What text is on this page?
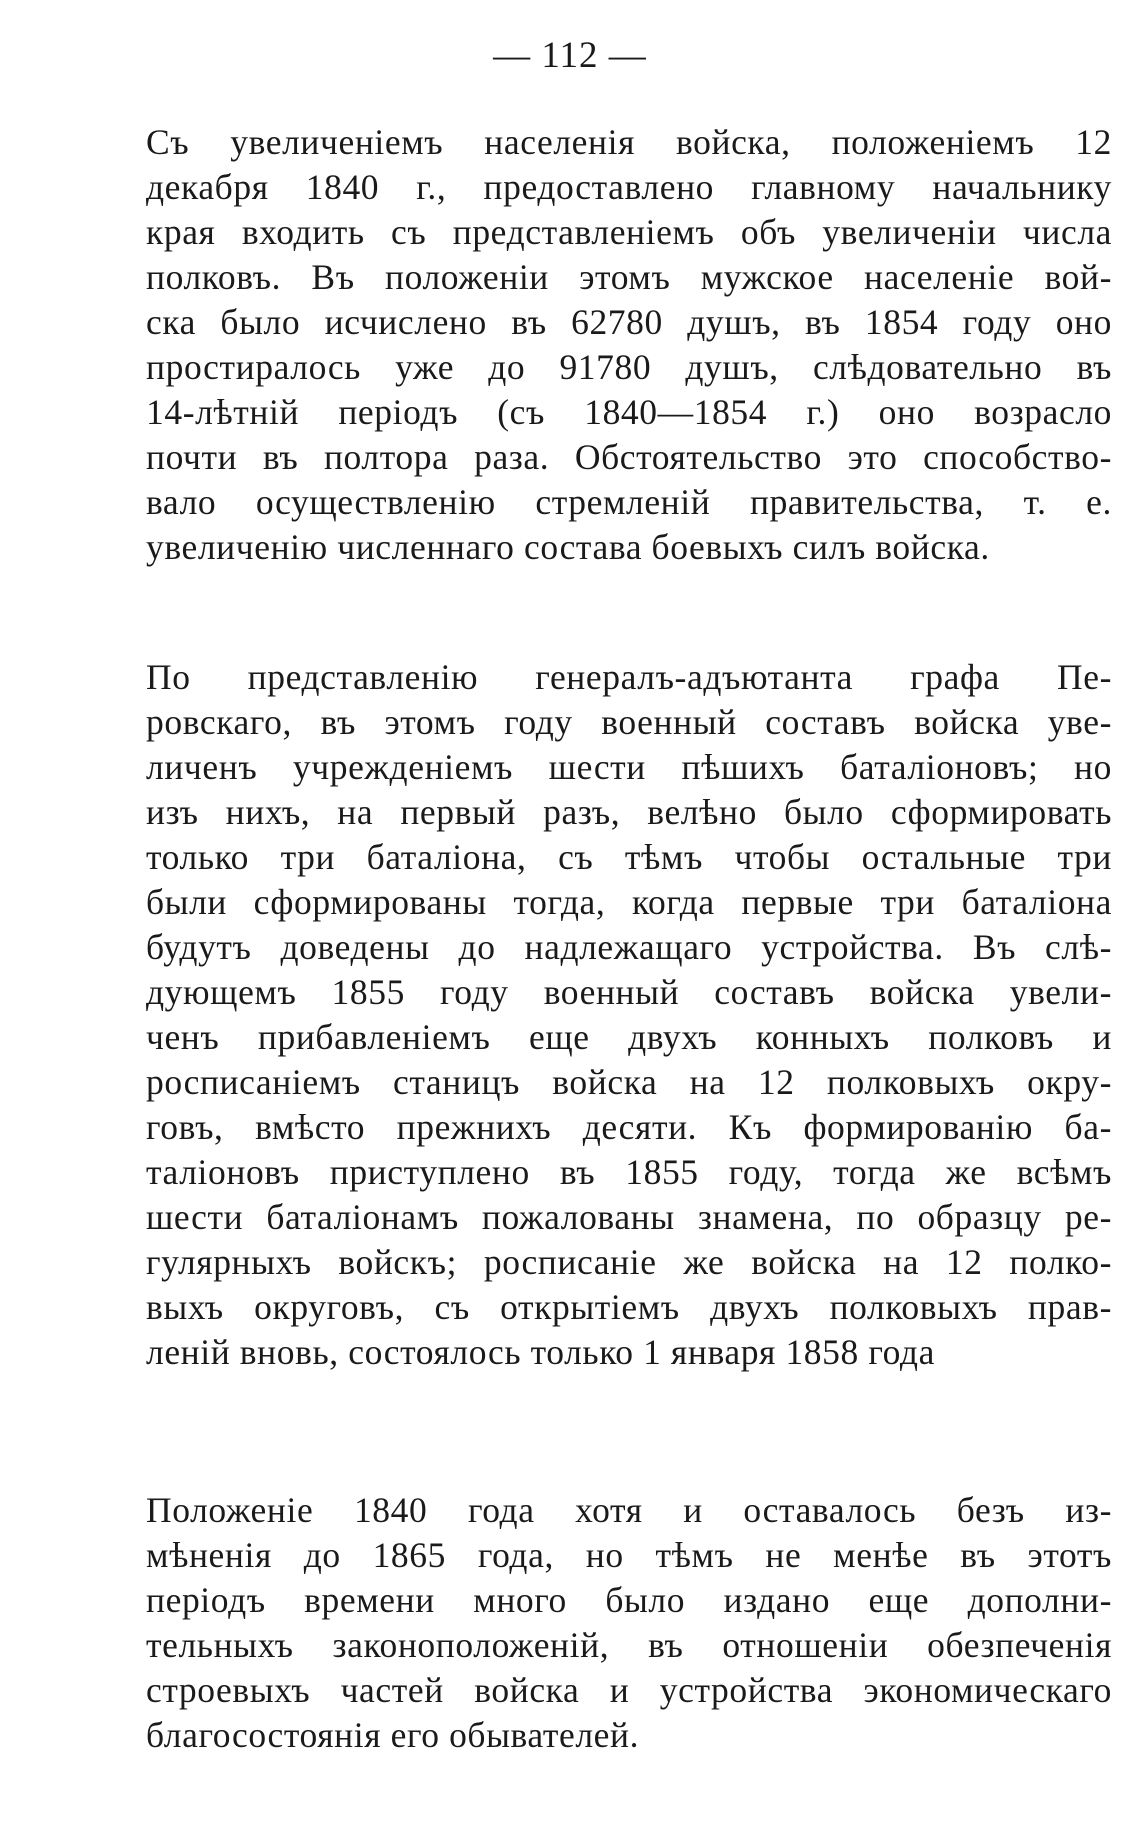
— 112 —
Съ увеличеніемъ населенія войска, положеніемъ 12
декабря 1840 г., предоставлено главному начальнику
края входить съ представленіемъ объ увеличеніи числа
полковъ. Въ положеніи этомъ мужское населеніе вой-
ска было исчислено въ 62780 душъ, въ 1854 году оно
простиралось уже до 91780 душъ, слѣдовательно въ
14-лѣтній періодъ (съ 1840—1854 г.) оно возрасло
почти въ полтора раза. Обстоятельство это способство-
вало осуществленію стремленій правительства, т. е.
увеличенію численнаго состава боевыхъ силъ войска.
По представленію генералъ-адъютанта графа Пе-
ровскаго, въ этомъ году военный составъ войска уве-
личенъ учрежденіемъ шести пѣшихъ баталіоновъ; но
изъ нихъ, на первый разъ, велѣно было сформировать
только три баталіона, съ тѣмъ чтобы остальные три
были сформированы тогда, когда первые три баталіона
будутъ доведены до надлежащаго устройства. Въ слѣ-
дующемъ 1855 году военный составъ войска увели-
ченъ прибавленіемъ еще двухъ конныхъ полковъ и
росписаніемъ станицъ войска на 12 полковыхъ окру-
говъ, вмѣсто прежнихъ десяти. Къ формированію ба-
таліоновъ приступлено въ 1855 году, тогда же всѣмъ
шести баталіонамъ пожалованы знамена, по образцу ре-
гулярныхъ войскъ; росписаніе же войска на 12 полко-
выхъ округовъ, съ открытіемъ двухъ полковыхъ прав-
леній вновь, состоялось только 1 января 1858 года
Положеніе 1840 года хотя и оставалось безъ из-
мѣненія до 1865 года, но тѣмъ не менѣе въ этотъ
періодъ времени много было издано еще дополни-
тельныхъ законоположеній, въ отношеніи обезпеченія
строевыхъ частей войска и устройства экономическаго
благосостоянія его обывателей.
